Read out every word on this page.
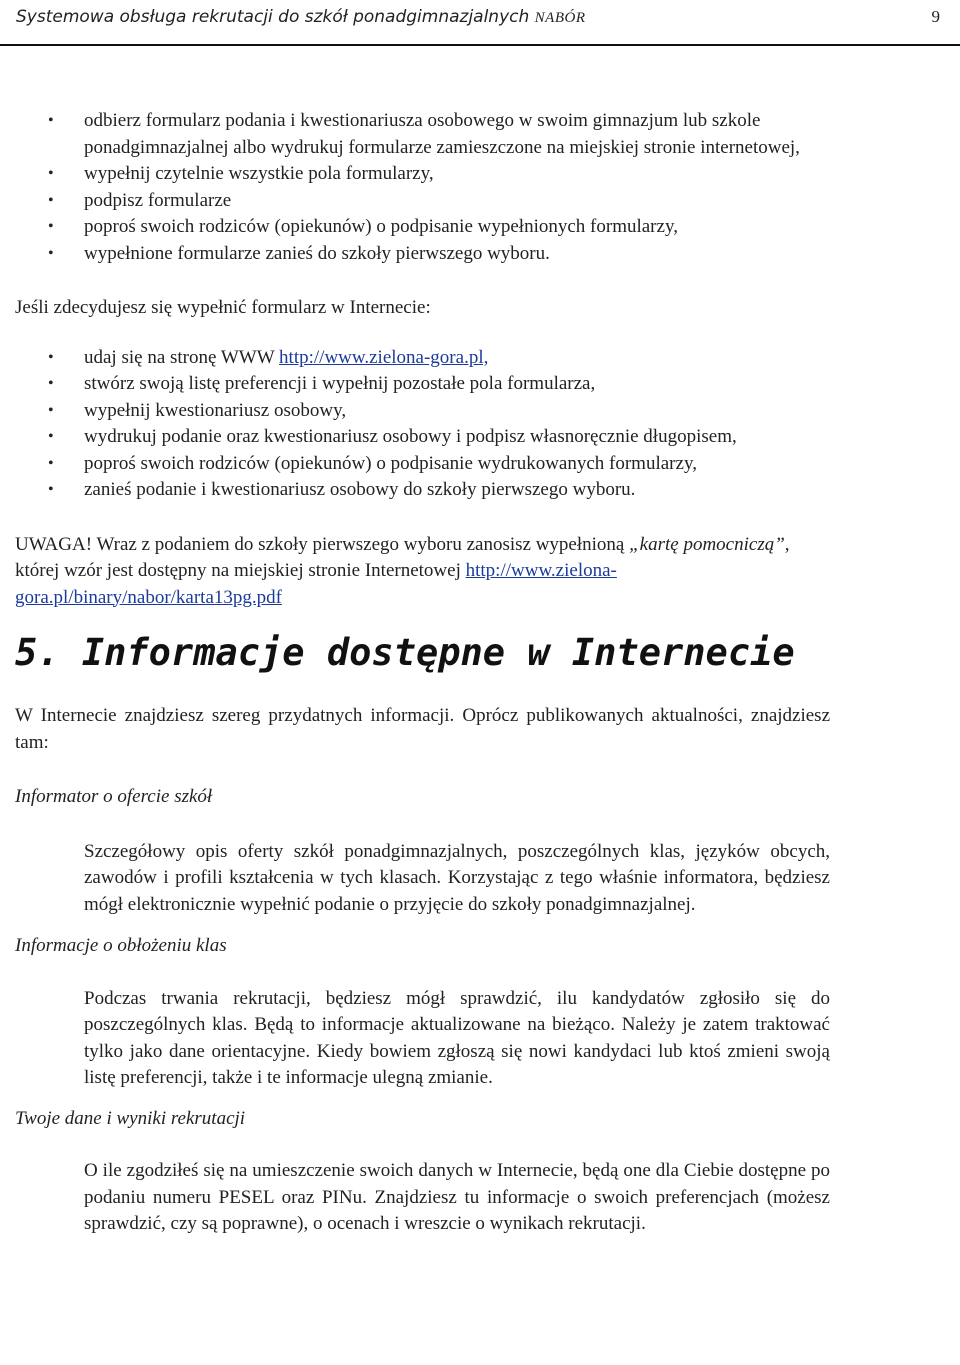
Systemowa obsługa rekrutacji do szkół ponadgimnazjalnych NABÓR	9
• odbierz formularz podania i kwestionariusza osobowego w swoim gimnazjum lub szkole ponadgimnazjalnej albo wydrukuj formularze zamieszczone na miejskiej stronie internetowej,
• wypełnij czytelnie wszystkie pola formularzy,
• podpisz formularze
• poproś swoich rodziców (opiekunów) o podpisanie wypełnionych formularzy,
• wypełnione formularze zanieś do szkoły pierwszego wyboru.

Jeśli zdecydujesz się wypełnić formularz w Internecie:

• udaj się na stronę WWW http://www.zielona-gora.pl,
• stwórz swoją listę preferencji i wypełnij pozostałe pola formularza,
• wypełnij kwestionariusz osobowy,
• wydrukuj podanie oraz kwestionariusz osobowy i podpisz własnoręcznie długopisem,
• poproś swoich rodziców (opiekunów) o podpisanie wydrukowanych formularzy,
• zanieś podanie i kwestionariusz osobowy do szkoły pierwszego wyboru.

UWAGA! Wraz z podaniem do szkoły pierwszego wyboru zanosisz wypełnioną „kartę pomocniczą”, której wzór jest dostępny na miejskiej stronie Internetowej http://www.zielona-gora.pl/binary/nabor/karta13pg.pdf

5. Informacje dostępne w Internecie

W Internecie znajdziesz szereg przydatnych informacji. Oprócz publikowanych aktualności, znajdziesz tam:

Informator o ofercie szkół

Szczegółowy opis oferty szkół ponadgimnazjalnych, poszczególnych klas, języków obcych, zawodów i profili kształcenia w tych klasach. Korzystając z tego właśnie informatora, będziesz mógł elektronicznie wypełnić podanie o przyjęcie do szkoły ponadgimnazjalnej.

Informacje o obłożeniu klas

Podczas trwania rekrutacji, będziesz mógł sprawdzić, ilu kandydatów zgłosiło się do poszczególnych klas. Będą to informacje aktualizowane na bieżąco. Należy je zatem traktować tylko jako dane orientacyjne. Kiedy bowiem zgłoszą się nowi kandydaci lub ktoś zmieni swoją listę preferencji, także i te informacje ulegną zmianie.

Twoje dane i wyniki rekrutacji

O ile zgodziłeś się na umieszczenie swoich danych w Internecie, będą one dla Ciebie dostępne po podaniu numeru PESEL oraz PINu. Znajdziesz tu informacje o swoich preferencjach (możesz sprawdzić, czy są poprawne), o ocenach i wreszcie o wynikach rekrutacji.
